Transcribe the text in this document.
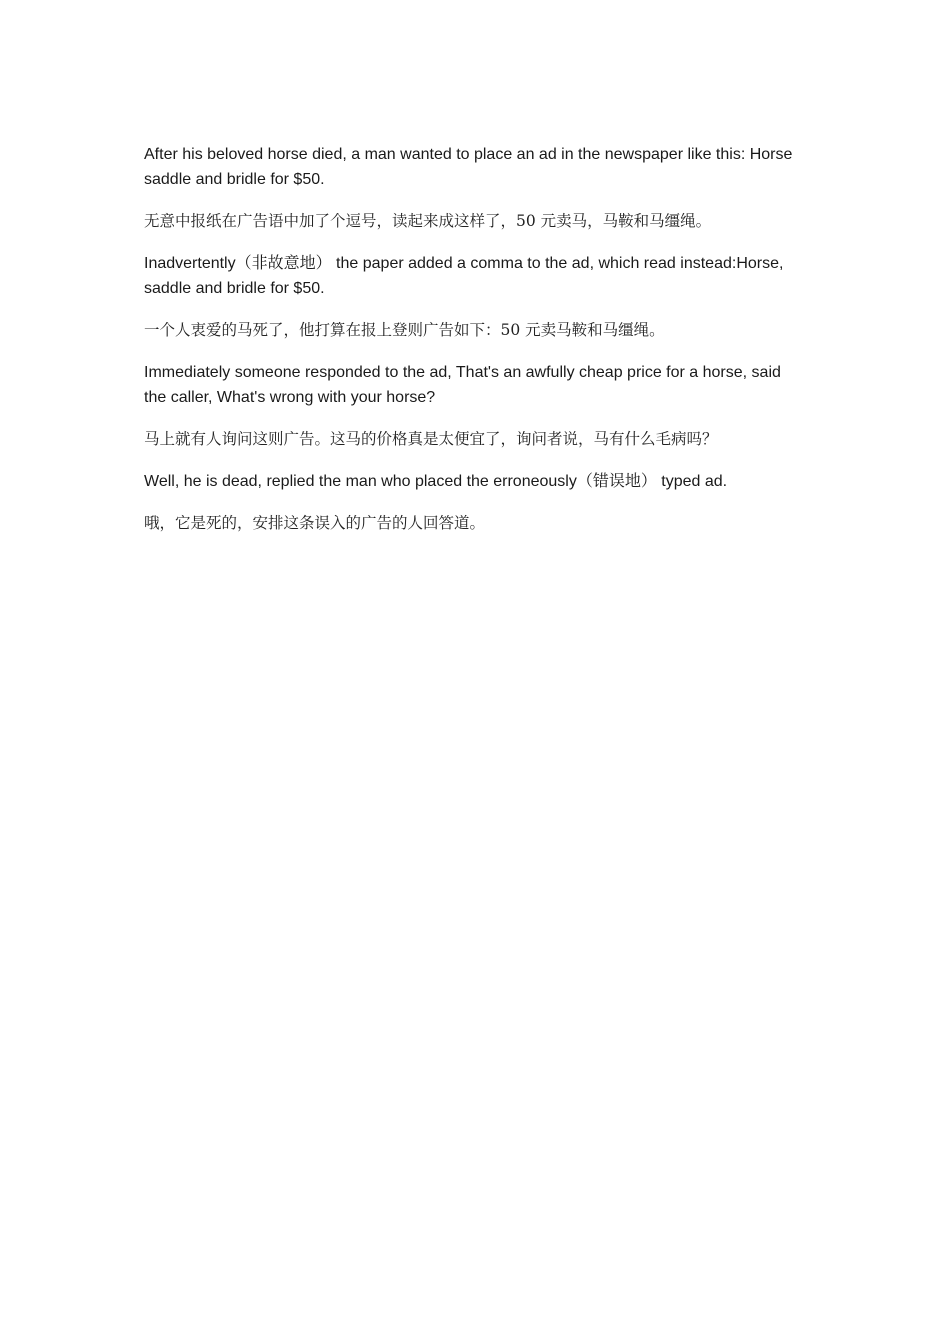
After his beloved horse died, a man wanted to place an ad in the newspaper like this: Horse saddle and bridle for $50.

无意中报纸在广告语中加了个逗号，读起来成这样了，50 元卖马，马鞍和马缰绳。

Inadvertently（非故意地） the paper added a comma to the ad, which read instead:Horse, saddle and bridle for $50.

一个人衷爱的马死了，他打算在报上登则广告如下：50 元卖马鞍和马缰绳。

Immediately someone responded to the ad, That's an awfully cheap price for a horse, said the caller, What's wrong with your horse?

马上就有人询问这则广告。这马的价格真是太便宜了，询问者说，马有什么毛病吗？

Well, he is dead, replied the man who placed the erroneously（错误地） typed ad.

哦，它是死的，安排这条误入的广告的人回答道。
